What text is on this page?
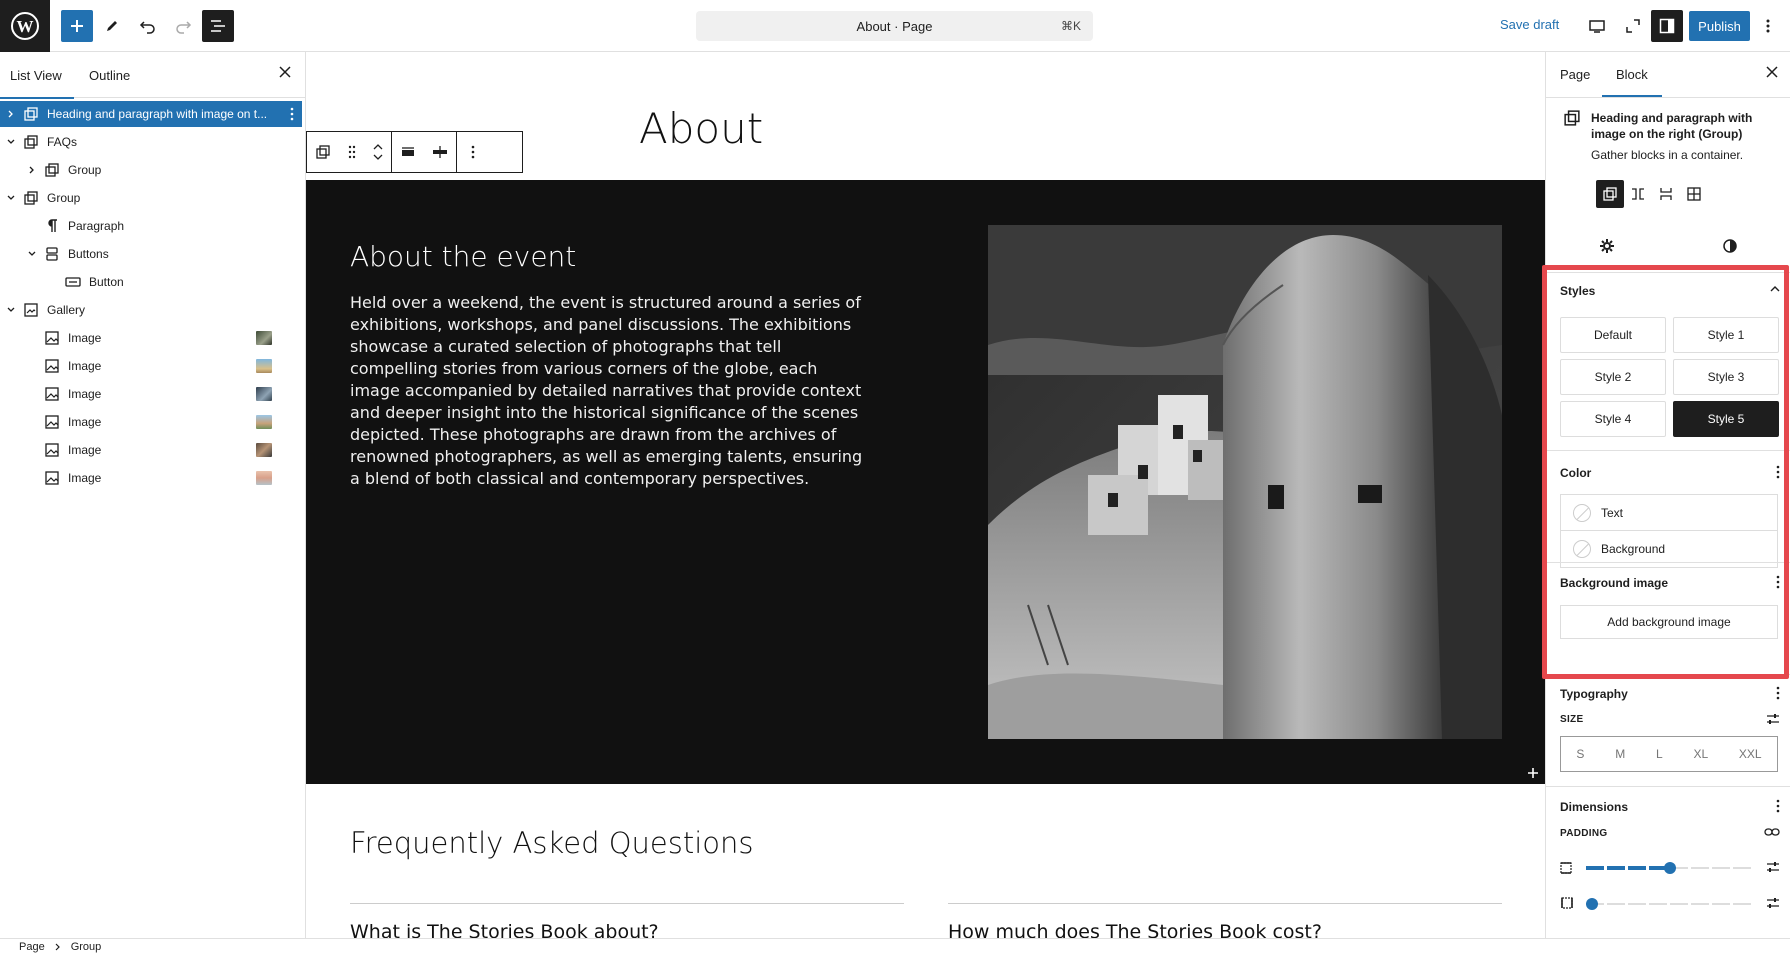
W	About · Page	⌘K	Save draft	Publish
List View Outline
Heading and paragraph with image on t...
FAQs
Group
Group
Paragraph
Buttons
Button
Gallery
Image
Image
Image
Image
Image
Image
About
About the event
Held over a weekend, the event is structured around a series of exhibitions, workshops, and panel discussions. The exhibitions showcase a curated selection of photographs that tell compelling stories from various corners of the globe, each image accompanied by detailed narratives that provide context and deeper insight into the historical significance of the scenes depicted. These photographs are drawn from the archives of renowned photographers, as well as emerging talents, ensuring a blend of both classical and contemporary perspectives.
Frequently Asked Questions
What is The Stories Book about?	How much does The Stories Book cost?
Page Block
Heading and paragraph with image on the right (Group)
Gather blocks in a container.
Styles
Default	Style 1
Style 2	Style 3
Style 4	Style 5
Color
Text
Background
Background image
Add background image
Typography
SIZE
S	M	L	XL	XXL
Dimensions
PADDING
Page Group
